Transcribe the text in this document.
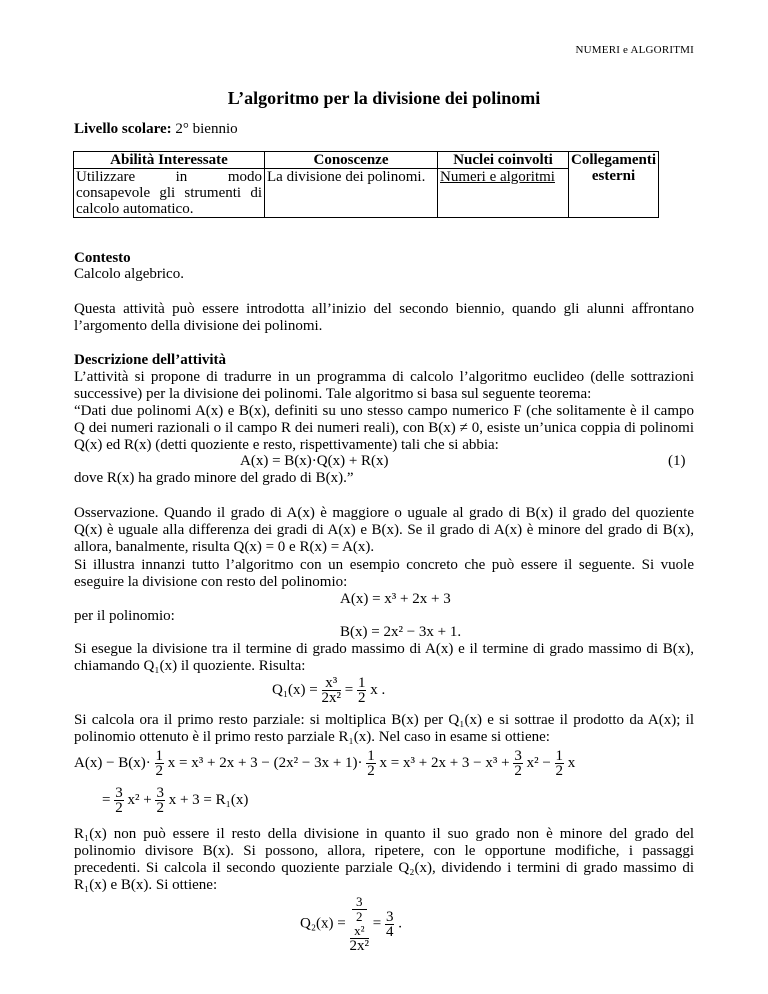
NUMERI e ALGORITMI
L’algoritmo per la divisione dei polinomi
Livello scolare: 2° biennio
Abilità Interessate	Conoscenze	Nuclei coinvolti	Collegamenti esterni
Utilizzare in modo consapevole gli strumenti di calcolo automatico.	La divisione dei polinomi.	Numeri e algoritmi	
Contesto
Calcolo algebrico.
Questa attività può essere introdotta all’inizio del secondo biennio, quando gli alunni affrontano l’argomento della divisione dei polinomi.
Descrizione dell’attività
L’attività si propone di tradurre in un programma di calcolo l’algoritmo euclideo (delle sottrazioni successive) per la divisione dei polinomi. Tale algoritmo si basa sul seguente teorema:
“Dati due polinomi A(x) e B(x), definiti su uno stesso campo numerico F (che solitamente è il campo Q dei numeri razionali o il campo R dei numeri reali), con B(x) ≠ 0, esiste un’unica coppia di polinomi Q(x) ed R(x) (detti quoziente e resto, rispettivamente) tali che si abbia:
A(x) = B(x)·Q(x) + R(x)	(1)
dove R(x) ha grado minore del grado di B(x).”
Osservazione. Quando il grado di A(x) è maggiore o uguale al grado di B(x) il grado del quoziente Q(x) è uguale alla differenza dei gradi di A(x) e B(x). Se il grado di A(x) è minore del grado di B(x), allora, banalmente, risulta Q(x) = 0 e R(x) = A(x).
Si illustra innanzi tutto l’algoritmo con un esempio concreto che può essere il seguente. Si vuole eseguire la divisione con resto del polinomio:
A(x) = x³ + 2x + 3
per il polinomio:
B(x) = 2x² − 3x + 1.
Si esegue la divisione tra il termine di grado massimo di A(x) e il termine di grado massimo di B(x), chiamando Q₁(x) il quoziente. Risulta:
$Q_1(x) = \frac{\text{x³}}{\text{2x²}} = \frac{1}{2}$ x .
Si calcola ora il primo resto parziale: si moltiplica B(x) per Q₁(x) e si sottrae il prodotto da A(x); il polinomio ottenuto è il primo resto parziale R₁(x). Nel caso in esame si ottiene:
$A(x) - B(x)\cdot \frac{1}{2}$ $x = x^3 + 2x + 3 - (2x^2 - 3x + 1)\cdot \frac{1}{2}$ $x = x^3 + 2x + 3 - x^3 + \frac{3}{2} x^2 - \frac{1}{2}$ x
= $\frac{3}{2} x^2 + \frac{3}{2}$ x + 3 = R₁(x)
R₁(x) non può essere il resto della divisione in quanto il suo grado non è minore del grado del polinomio divisore B(x). Si possono, allora, ripetere, con le opportune modifiche, i passaggi precedenti. Si calcola il secondo quoziente parziale Q₂(x), dividendo i termini di grado massimo di R₁(x) e B(x). Si ottiene:
Q₂(x) = 3
2
x²
$2x^2 = \frac{3}{4}$ .
